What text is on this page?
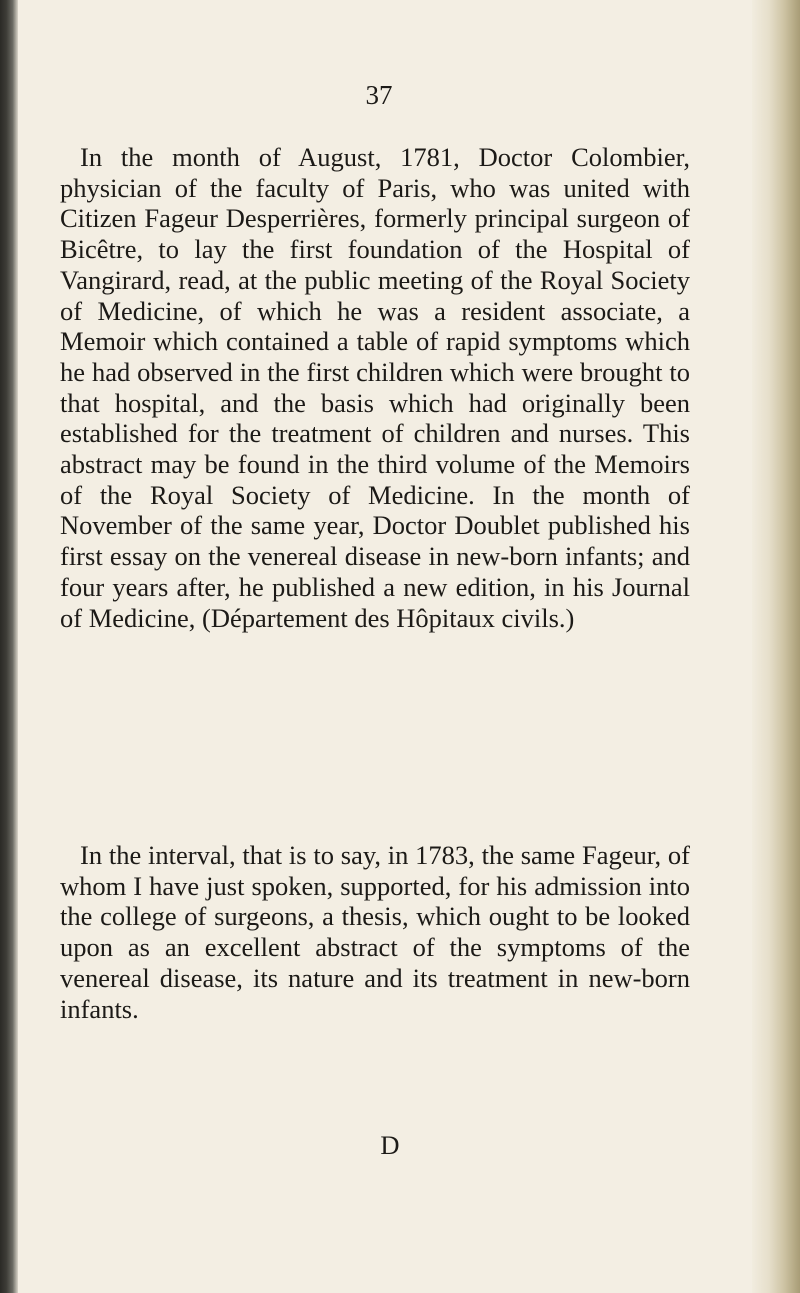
37

In the month of August, 1781, Doctor Colombier, physician of the faculty of Paris, who was united with Citizen Fageur Desperrières, formerly principal surgeon of Bicêtre, to lay the first foundation of the Hospital of Vangirard, read, at the public meeting of the Royal Society of Medicine, of which he was a resident associate, a Memoir which contained a table of rapid symptoms which he had observed in the first children which were brought to that hospital, and the basis which had originally been established for the treatment of children and nurses. This abstract may be found in the third volume of the Memoirs of the Royal Society of Medicine. In the month of November of the same year, Doctor Doublet published his first essay on the venereal disease in new-born infants; and four years after, he published a new edition, in his Journal of Medicine, (Département des Hôpitaux civils.)

In the interval, that is to say, in 1783, the same Fageur, of whom I have just spoken, supported, for his admission into the college of surgeons, a thesis, which ought to be looked upon as an excellent abstract of the symptoms of the venereal disease, its nature and its treatment in new-born infants.

D
